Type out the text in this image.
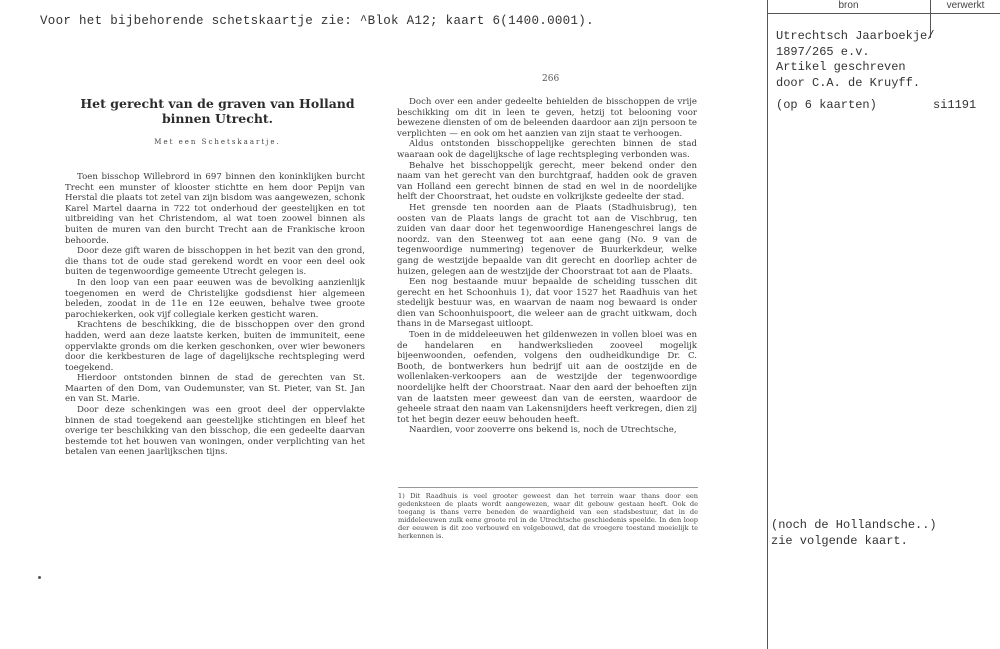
Voor het bijbehorende schetskaartje zie: ^Blok A12; kaart 6(1400.0001).
bron	verwerkt
Utrechtsch Jaarboekje/
1897/265 e.v.
Artikel geschreven
door C.A. de Kruyff.
(op 6 kaarten)	si1191
(noch de Hollandsche..)
zie volgende kaart.
Het gerecht van de graven van Holland binnen Utrecht.
Met een Schetskaartje.
266

Toen bisschop Willebrord in 697 binnen den koninklijken burcht Trecht een munster of klooster stichtte en hem door Pepijn van Herstal die plaats tot zetel van zijn bisdom was aangewezen, schonk Karel Martel daarna in 722 tot onderhoud der geestelijken en tot uitbreiding van het Christendom, al wat toen zoowel binnen als buiten de muren van den burcht Trecht aan de Frankische kroon behoorde.

Door deze gift waren de bisschoppen in het bezit van den grond, die thans tot de oude stad gerekend wordt en voor een deel ook buiten de tegenwoordige gemeente Utrecht gelegen is.

In den loop van een paar eeuwen was de bevolking aanzienlijk toegenomen en werd de Christelijke godsdienst hier algemeen beleden, zoodat in de 11e en 12e eeuwen, behalve twee groote parochiekerken, ook vijf collegiale kerken gesticht waren.

Krachtens de beschikking, die de bisschoppen over den grond hadden, werd aan deze laatste kerken, buiten de immuniteit, eene oppervlakte gronds om die kerken geschonken, over wier bewoners door die kerkbesturen de lage of dagelijksche rechtspleging werd toegekend.

Hierdoor ontstonden binnen de stad de gerechten van St. Maarten of den Dom, van Oudemunster, van St. Pieter, van St. Jan en van St. Marie.

Door deze schenkingen was een groot deel der oppervlakte binnen de stad toegekend aan geestelijke stichtingen en bleef het overige ter beschikking van den bisschop, die een gedeelte daarvan bestemde tot het bouwen van woningen, onder verplichting van het betalen van eenen jaarlijkschen tijns.

Doch over een ander gedeelte behielden de bisschoppen de vrije beschikking om dit in leen te geven, hetzij tot belooning voor bewezene diensten of om de beleenden daardoor aan zijn persoon te verplichten — en ook om het aanzien van zijn staat te verhoogen.

Aldus ontstonden bisschoppelijke gerechten binnen de stad waaraan ook de dagelijksche of lage rechtspleging verbonden was.

Behalve het bisschoppelijk gerecht, meer bekend onder den naam van het gerecht van den burchtgraaf, hadden ook de graven van Holland een gerecht binnen de stad en wel in de noordelijke helft der Choorstraat, het oudste en volkrijkste gedeelte der stad.

Het grensde ten noorden aan de Plaats (Stadhuisbrug), ten oosten van de Plaats langs de gracht tot aan de Vischbrug, ten zuiden van daar door het tegenwoordige Hanengeschrei langs de noordz. van den Steenweg tot aan eene gang (No. 9 van de tegenwoordige nummering) tegenover de Buurkerkdeur, welke gang de westzijde bepaalde van dit gerecht en doorliep achter de huizen, gelegen aan de westzijde der Choorstraat tot aan de Plaats.

Een nog bestaande muur bepaalde de scheiding tusschen dit gerecht en het Schoonhuis 1), dat voor 1527 het Raadhuis van het stedelijk bestuur was, en waarvan de naam nog bewaard is onder dien van Schoonhuispoort, die weleer aan de gracht uitkwam, doch thans in de Marsegast uitloopt.

Toen in de middeleeuwen het gildenwezen in vollen bloei was en de handelaren en handwerkslieden zooveel mogelijk bijeenwoonden, oefenden, volgens den oudheidkundige Dr. C. Booth, de bontwerkers hun bedrijf uit aan de oostzijde en de wollenlaken-verkoopers aan de westzijde der tegenwoordige noordelijke helft der Choorstraat. Naar den aard der behoeften zijn van de laatsten meer geweest dan van de eersten, waardoor de geheele straat den naam van Lakensnijders heeft verkregen, dien zij tot het begin dezer eeuw behouden heeft.

Naardien, voor zooverre ons bekend is, noch de Utrechtsche,

1) Dit Raadhuis is veel grooter geweest dan het terrein waar thans door een gedenksteen de plaats wordt aangewezen, waar dit gebouw gestaan heeft. Ook de toegang is thans verre beneden de waardigheid van een stadsbestuur, dat in de middeleeuwen zulk eene groote rol in de Utrechtsche geschiedenis speelde. In den loop der eeuwen is dit zoo verbouwd en volgebouwd, dat de vroegere toestand moeielijk te herkennen is.
